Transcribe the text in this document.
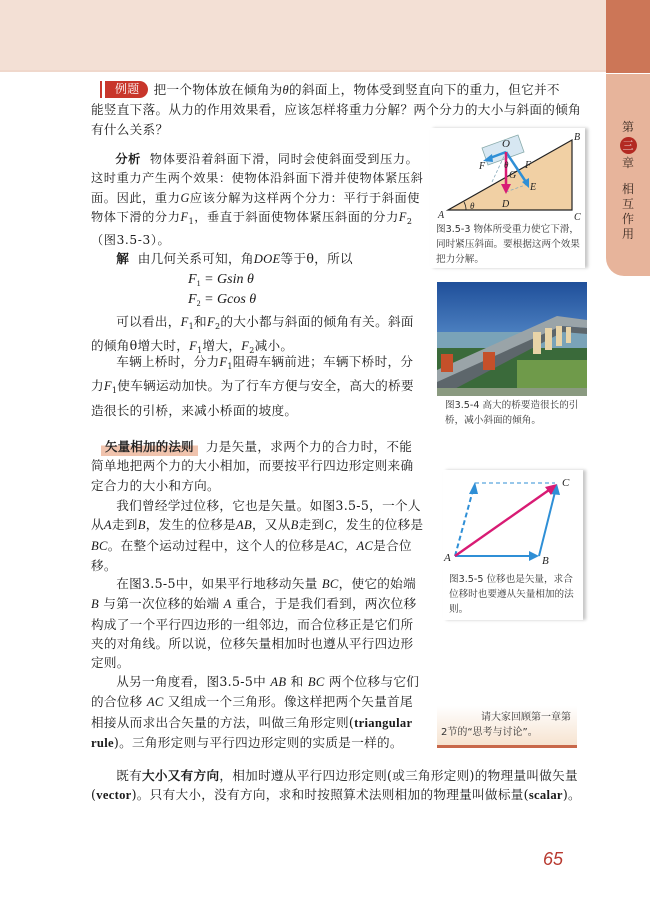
第
三
章
相
互
作
用
例题 把一个物体放在倾角为θ的斜面上，物体受到竖直向下的重力，但它并不
能竖直下落。从力的作用效果看，应该怎样将重力分解？两个分力的大小与斜面的倾角
有什么关系？
分析 物体要沿着斜面下滑，同时会使斜面受到压力。这时重力产生两个效果：使物体沿斜面下滑并使物体紧压斜面。因此，重力G应该分解为这样两个分力：平行于斜面使物体下滑的分力$F_1$，垂直于斜面使物体紧压斜面的分力$F_2$（图3.5-3）。
解 由几何关系可知，角DOE等于θ，所以
$F_1 = Gsin$ θ
$F_2 = Gcos$ θ
可以看出，$F_1$和$F_2$的大小都与斜面的倾角有关。斜面的倾角θ增大时，$F_1$增大，$F_2$减小。
车辆上桥时，分力$F_1$阻碍车辆前进；车辆下桥时，分力$F_1$使车辆运动加快。为了行车方便与安全，高大的桥要造很长的引桥，来减小桥面的坡度。
矢量相加的法则 力是矢量，求两个力的合力时，不能简单地把两个力的大小相加，而要按平行四边形定则来确定合力的大小和方向。
我们曾经学过位移，它也是矢量。如图3.5-5，一个人从A走到B，发生的位移是AB，又从B走到C，发生的位移是BC。在整个运动过程中，这个人的位移是AC，AC是合位移。
在图3.5-5中，如果平行地移动矢量 BC，使它的始端 B 与第一次位移的始端 A 重合，于是我们看到，两次位移构成了一个平行四边形的一组邻边，而合位移正是它们所夹的对角线。所以说，位移矢量相加时也遵从平行四边形定则。
从另一角度看，图3.5-5中 AB 和 BC 两个位移与它们的合位移 AC 又组成一个三角形。像这样把两个矢量首尾相接从而求出合矢量的方法，叫做三角形定则(triangular rule)。三角形定则与平行四边形定则的实质是一样的。
既有大小又有方向，相加时遵从平行四边形定则(或三角形定则)的物理量叫做矢量(vector)。只有大小，没有方向，求和时按照算术法则相加的物理量叫做标量(scalar)。
O
B
A	C
D
E
G
θ
θ
F	F
图3.5-3 物体所受重力使它下滑，同时紧压斜面。要根据这两个效果把力分解。
图3.5-4 高大的桥要造很长的引桥，减小斜面的倾角。
A	B
C
图3.5-5 位移也是矢量，求合位移时也要遵从矢量相加的法则。
请大家回顾第一章第2节的“思考与讨论”。
65
